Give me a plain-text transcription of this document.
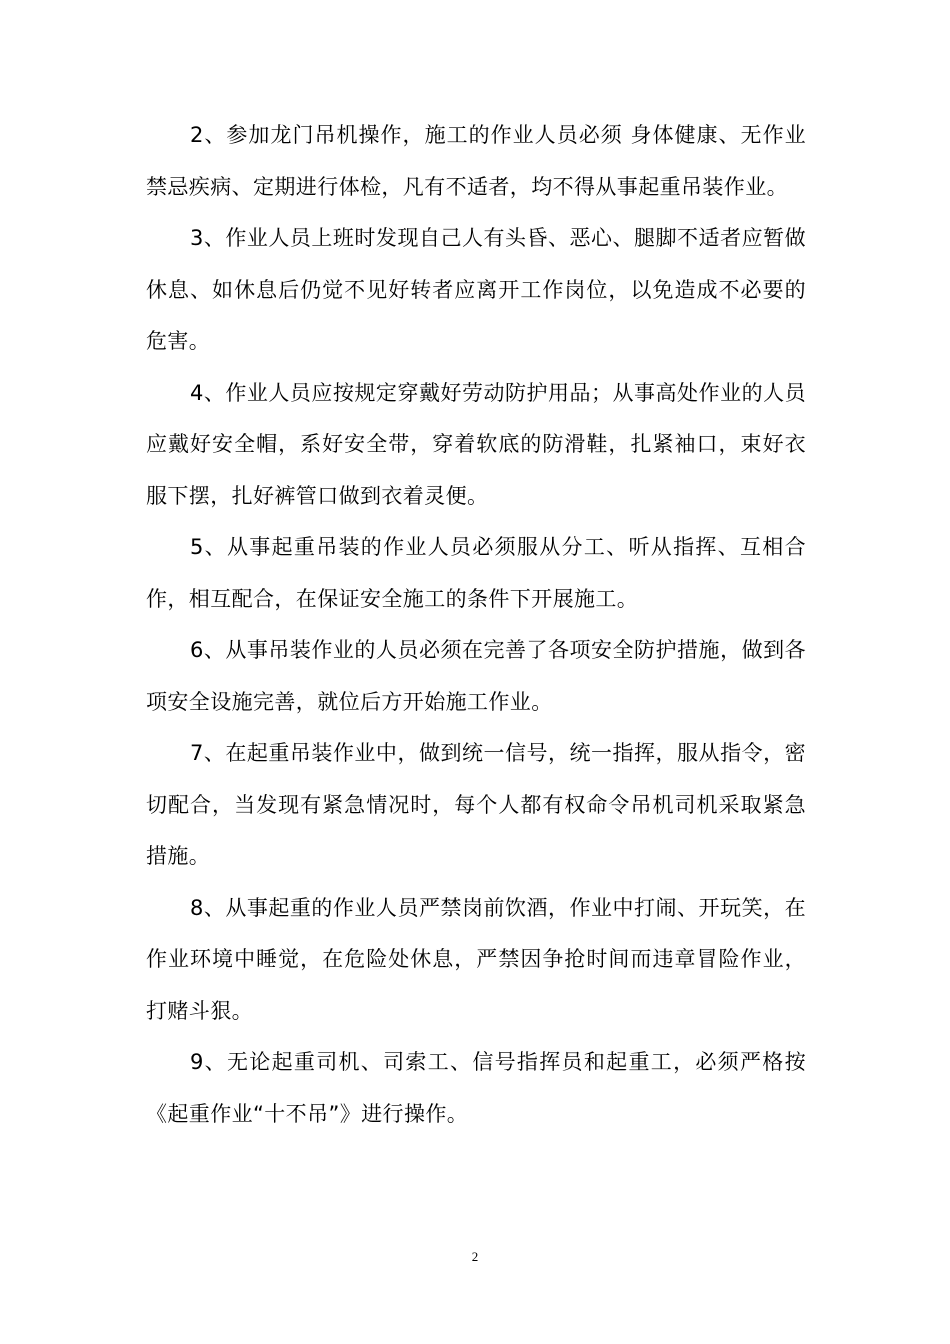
2、参加龙门吊机操作，施工的作业人员必须 身体健康、无作业禁忌疾病、定期进行体检，凡有不适者，均不得从事起重吊装作业。

3、作业人员上班时发现自己人有头昏、恶心、腿脚不适者应暂做休息、如休息后仍觉不见好转者应离开工作岗位，以免造成不必要的危害。

4、作业人员应按规定穿戴好劳动防护用品；从事高处作业的人员应戴好安全帽，系好安全带，穿着软底的防滑鞋，扎紧袖口，束好衣服下摆，扎好裤管口做到衣着灵便。

5、从事起重吊装的作业人员必须服从分工、听从指挥、互相合作，相互配合，在保证安全施工的条件下开展施工。

6、从事吊装作业的人员必须在完善了各项安全防护措施，做到各项安全设施完善，就位后方开始施工作业。

7、在起重吊装作业中，做到统一信号，统一指挥，服从指令，密切配合，当发现有紧急情况时，每个人都有权命令吊机司机采取紧急措施。

8、从事起重的作业人员严禁岗前饮酒，作业中打闹、开玩笑，在作业环境中睡觉，在危险处休息，严禁因争抢时间而违章冒险作业，打赌斗狠。

9、无论起重司机、司索工、信号指挥员和起重工，必须严格按《起重作业“十不吊”》进行操作。

2
